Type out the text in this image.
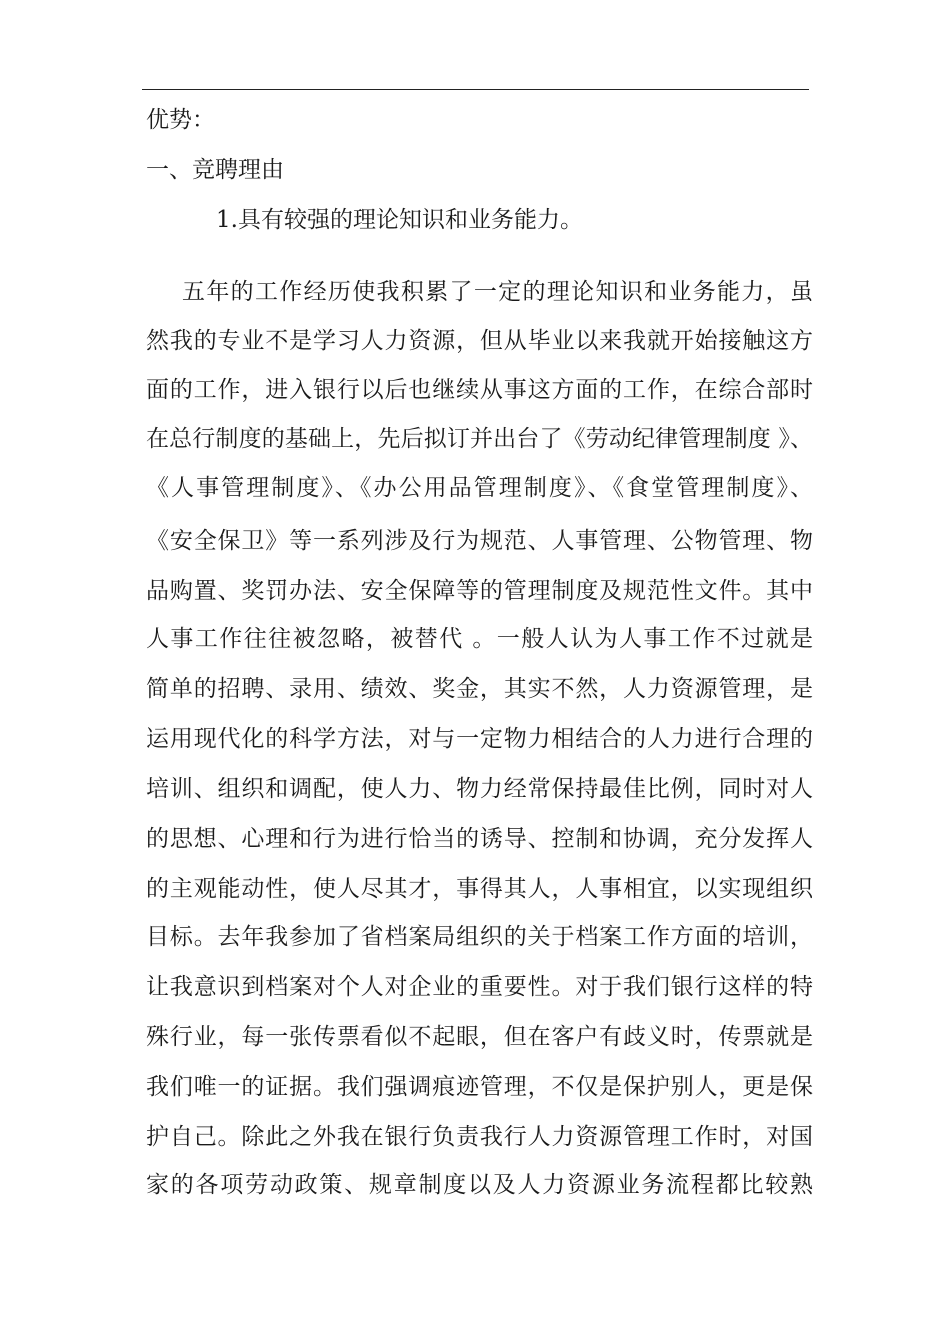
优势：
一、竞聘理由
1.具有较强的理论知识和业务能力。
五年的工作经历使我积累了一定的理论知识和业务能力，虽
然我的专业不是学习人力资源，但从毕业以来我就开始接触这方
面的工作，进入银行以后也继续从事这方面的工作，在综合部时
在总行制度的基础上，先后拟订并出台了《劳动纪律管理制度 》、
《人事管理制度》、《办公用品管理制度》、《食堂管理制度》、
《安全保卫》等一系列涉及行为规范、人事管理、公物管理、物
品购置、奖罚办法、安全保障等的管理制度及规范性文件。其中
人事工作往往被忽略，被替代 。一般人认为人事工作不过就是
简单的招聘、录用、绩效、奖金，其实不然，人力资源管理，是
运用现代化的科学方法，对与一定物力相结合的人力进行合理的
培训、组织和调配，使人力、物力经常保持最佳比例，同时对人
的思想、心理和行为进行恰当的诱导、控制和协调，充分发挥人
的主观能动性，使人尽其才，事得其人，人事相宜，以实现组织
目标。去年我参加了省档案局组织的关于档案工作方面的培训，
让我意识到档案对个人对企业的重要性。对于我们银行这样的特
殊行业，每一张传票看似不起眼，但在客户有歧义时，传票就是
我们唯一的证据。我们强调痕迹管理，不仅是保护别人，更是保
护自己。除此之外我在银行负责我行人力资源管理工作时，对国
家的各项劳动政策、规章制度以及人力资源业务流程都比较熟
